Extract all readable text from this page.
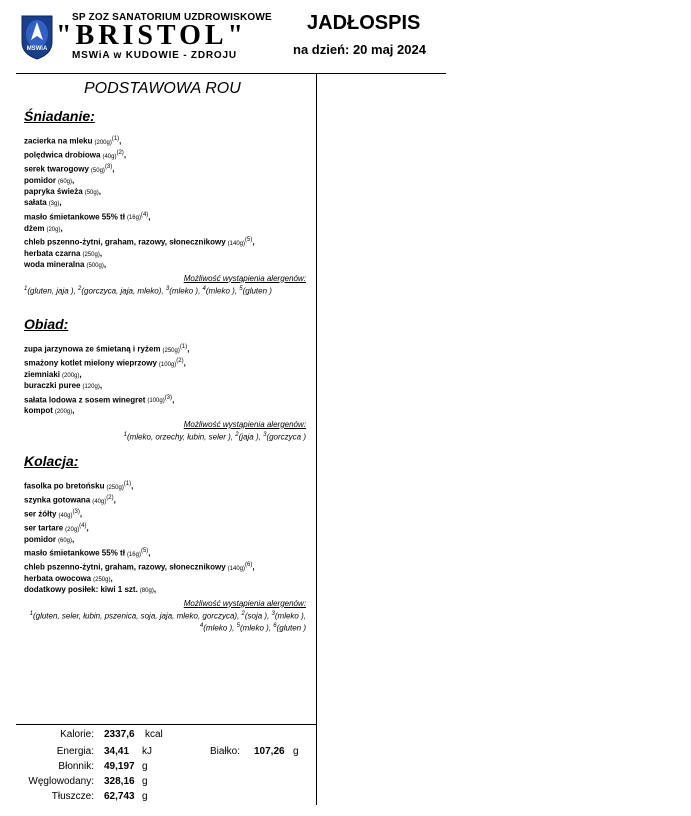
MSWiA
SP ZOZ SANATORIUM UZDROWISKOWE
"BRISTOL"
MSWiA w KUDOWIE - ZDROJU
JADŁOSPIS
na dzień: 20 maj 2024
PODSTAWOWA ROU
Śniadanie:
zacierka na mleku $(200g)^{(1)}$,
polędwica drobiowa $(40g)^{(2)}$,
serek twarogowy $(50g)^{(3)}$,
pomidor (60g),
papryka świeża (50g),
sałata (3g),
masło śmietankowe 55% tł $(16g)^{(4)}$,
dżem (20g),
chleb pszenno-żytni, graham, razowy, słonecznikowy $(140g)^{(5)}$,
herbata czarna (250g),
woda mineralna (500g),
Możliwość wystąpienia alergenów:
$^1$(gluten, jaja ), $^2$(gorczyca, jaja, mleko), $^3$(mleko ), $^4$(mleko ), $^5$(gluten )
Obiad:
zupa jarzynowa ze śmietaną i ryżem $(250g)^{(1)}$,
smażony kotlet mielony wieprzowy $(100g)^{(2)}$,
ziemniaki (200g),
buraczki puree (120g),
sałata lodowa z sosem winegret $(100g)^{(3)}$,
kompot (200g),
Możliwość wystąpienia alergenów:
$^1$(mleko, orzechy, łubin, seler ), $^2$(jaja ), $^3$(gorczyca )
Kolacja:
fasolka po bretońsku $(250g)^{(1)}$,
szynka gotowana $(40g)^{(2)}$,
ser żółty $(40g)^{(3)}$,
ser tartare $(20g)^{(4)}$,
pomidor (60g),
masło śmietankowe 55% tł $(16g)^{(5)}$,
chleb pszenno-żytni, graham, razowy, słonecznikowy $(140g)^{(6)}$,
herbata owocowa (250g),
dodatkowy posiłek: kiwi 1 szt. (80g),
Możliwość wystąpienia alergenów:
$^1$(gluten, seler, łubin, pszenica, soja, jaja, mleko, gorczyca), $^2$(soja ), $^3$(mleko ), $^4$(mleko ), $^5$(mleko ), $^6$(gluten )
Kalorie: 2337,6 kcal
Energia: 34,41 kJ	Białko: 107,26 g
Błonnik: 49,197 g
Węglowodany: 328,16 g
Tłuszcze: 62,743 g
